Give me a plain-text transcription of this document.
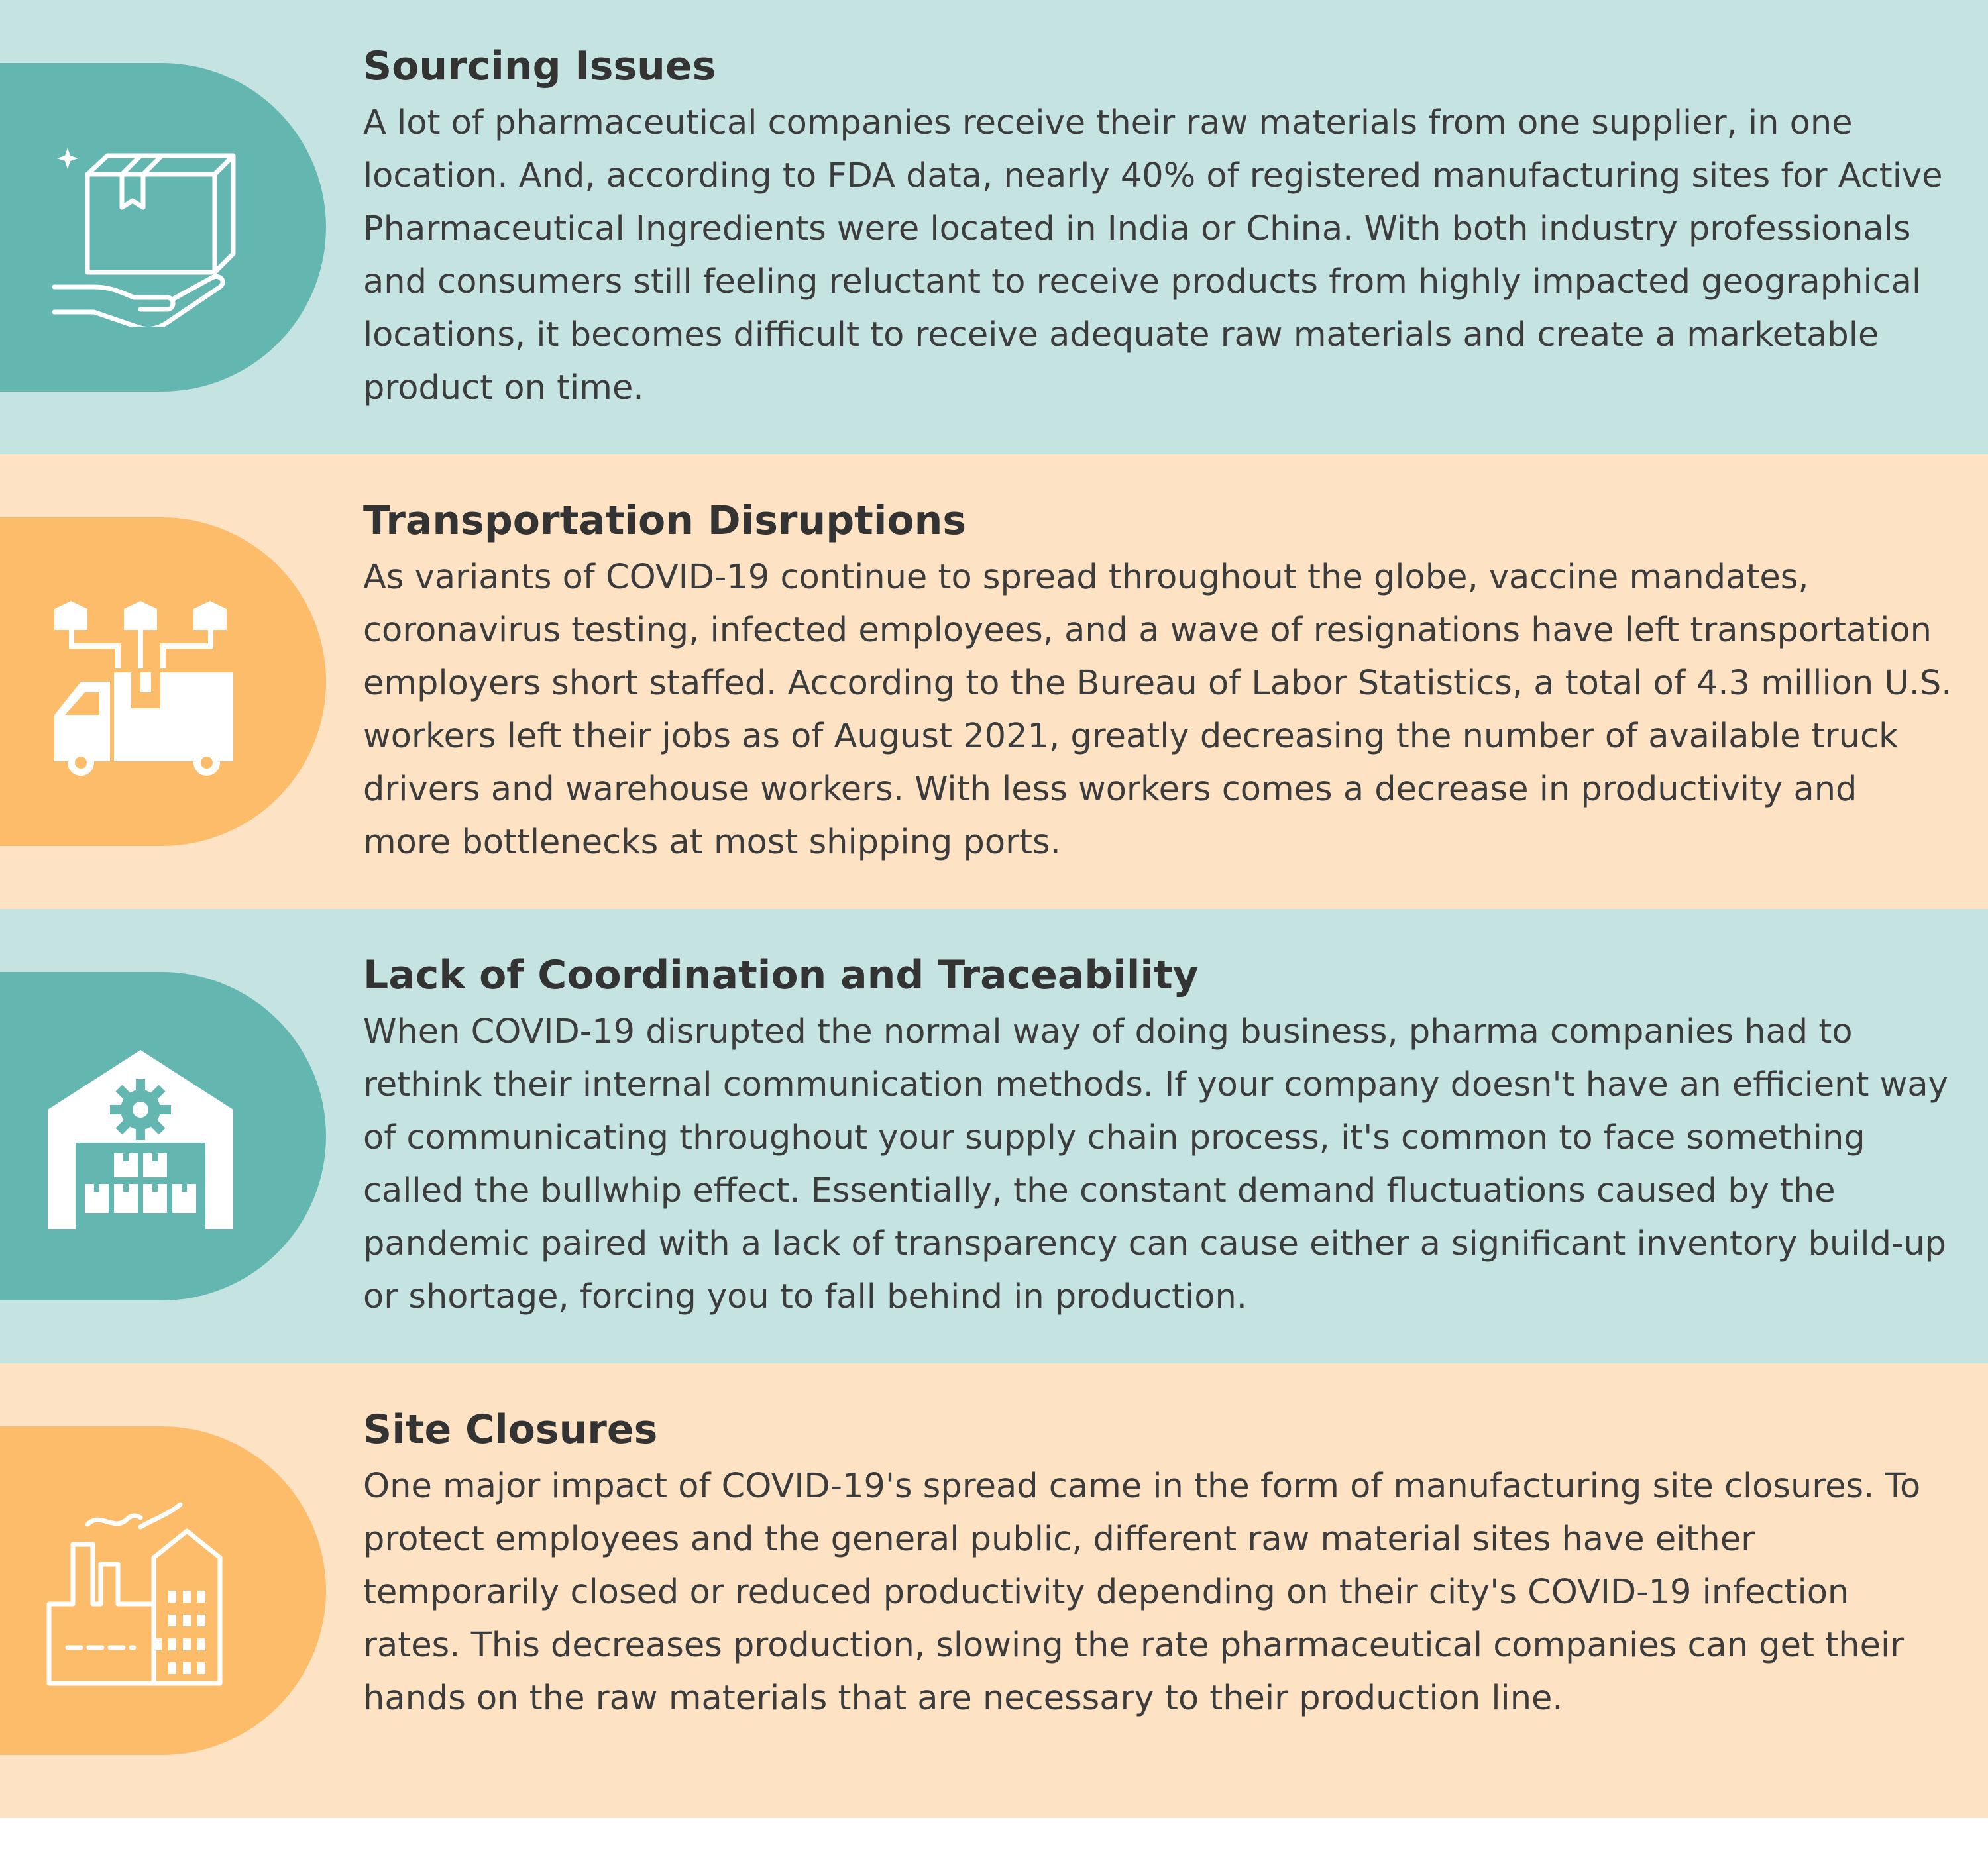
Sourcing Issues

A lot of pharmaceutical companies receive their raw materials from one supplier, in one location. And, according to FDA data, nearly 40% of registered manufacturing sites for Active Pharmaceutical Ingredients were located in India or China. With both industry professionals and consumers still feeling reluctant to receive products from highly impacted geographical locations, it becomes difficult to receive adequate raw materials and create a marketable product on time.

Transportation Disruptions

As variants of COVID-19 continue to spread throughout the globe, vaccine mandates, coronavirus testing, infected employees, and a wave of resignations have left transportation employers short staffed. According to the Bureau of Labor Statistics, a total of 4.3 million U.S. workers left their jobs as of August 2021, greatly decreasing the number of available truck drivers and warehouse workers. With less workers comes a decrease in productivity and more bottlenecks at most shipping ports.

Lack of Coordination and Traceability

When COVID-19 disrupted the normal way of doing business, pharma companies had to rethink their internal communication methods. If your company doesn't have an efficient way of communicating throughout your supply chain process, it's common to face something called the bullwhip effect. Essentially, the constant demand fluctuations caused by the pandemic paired with a lack of transparency can cause either a significant inventory build-up or shortage, forcing you to fall behind in production.

Site Closures

One major impact of COVID-19's spread came in the form of manufacturing site closures. To protect employees and the general public, different raw material sites have either temporarily closed or reduced productivity depending on their city's COVID-19 infection rates. This decreases production, slowing the rate pharmaceutical companies can get their hands on the raw materials that are necessary to their production line.
